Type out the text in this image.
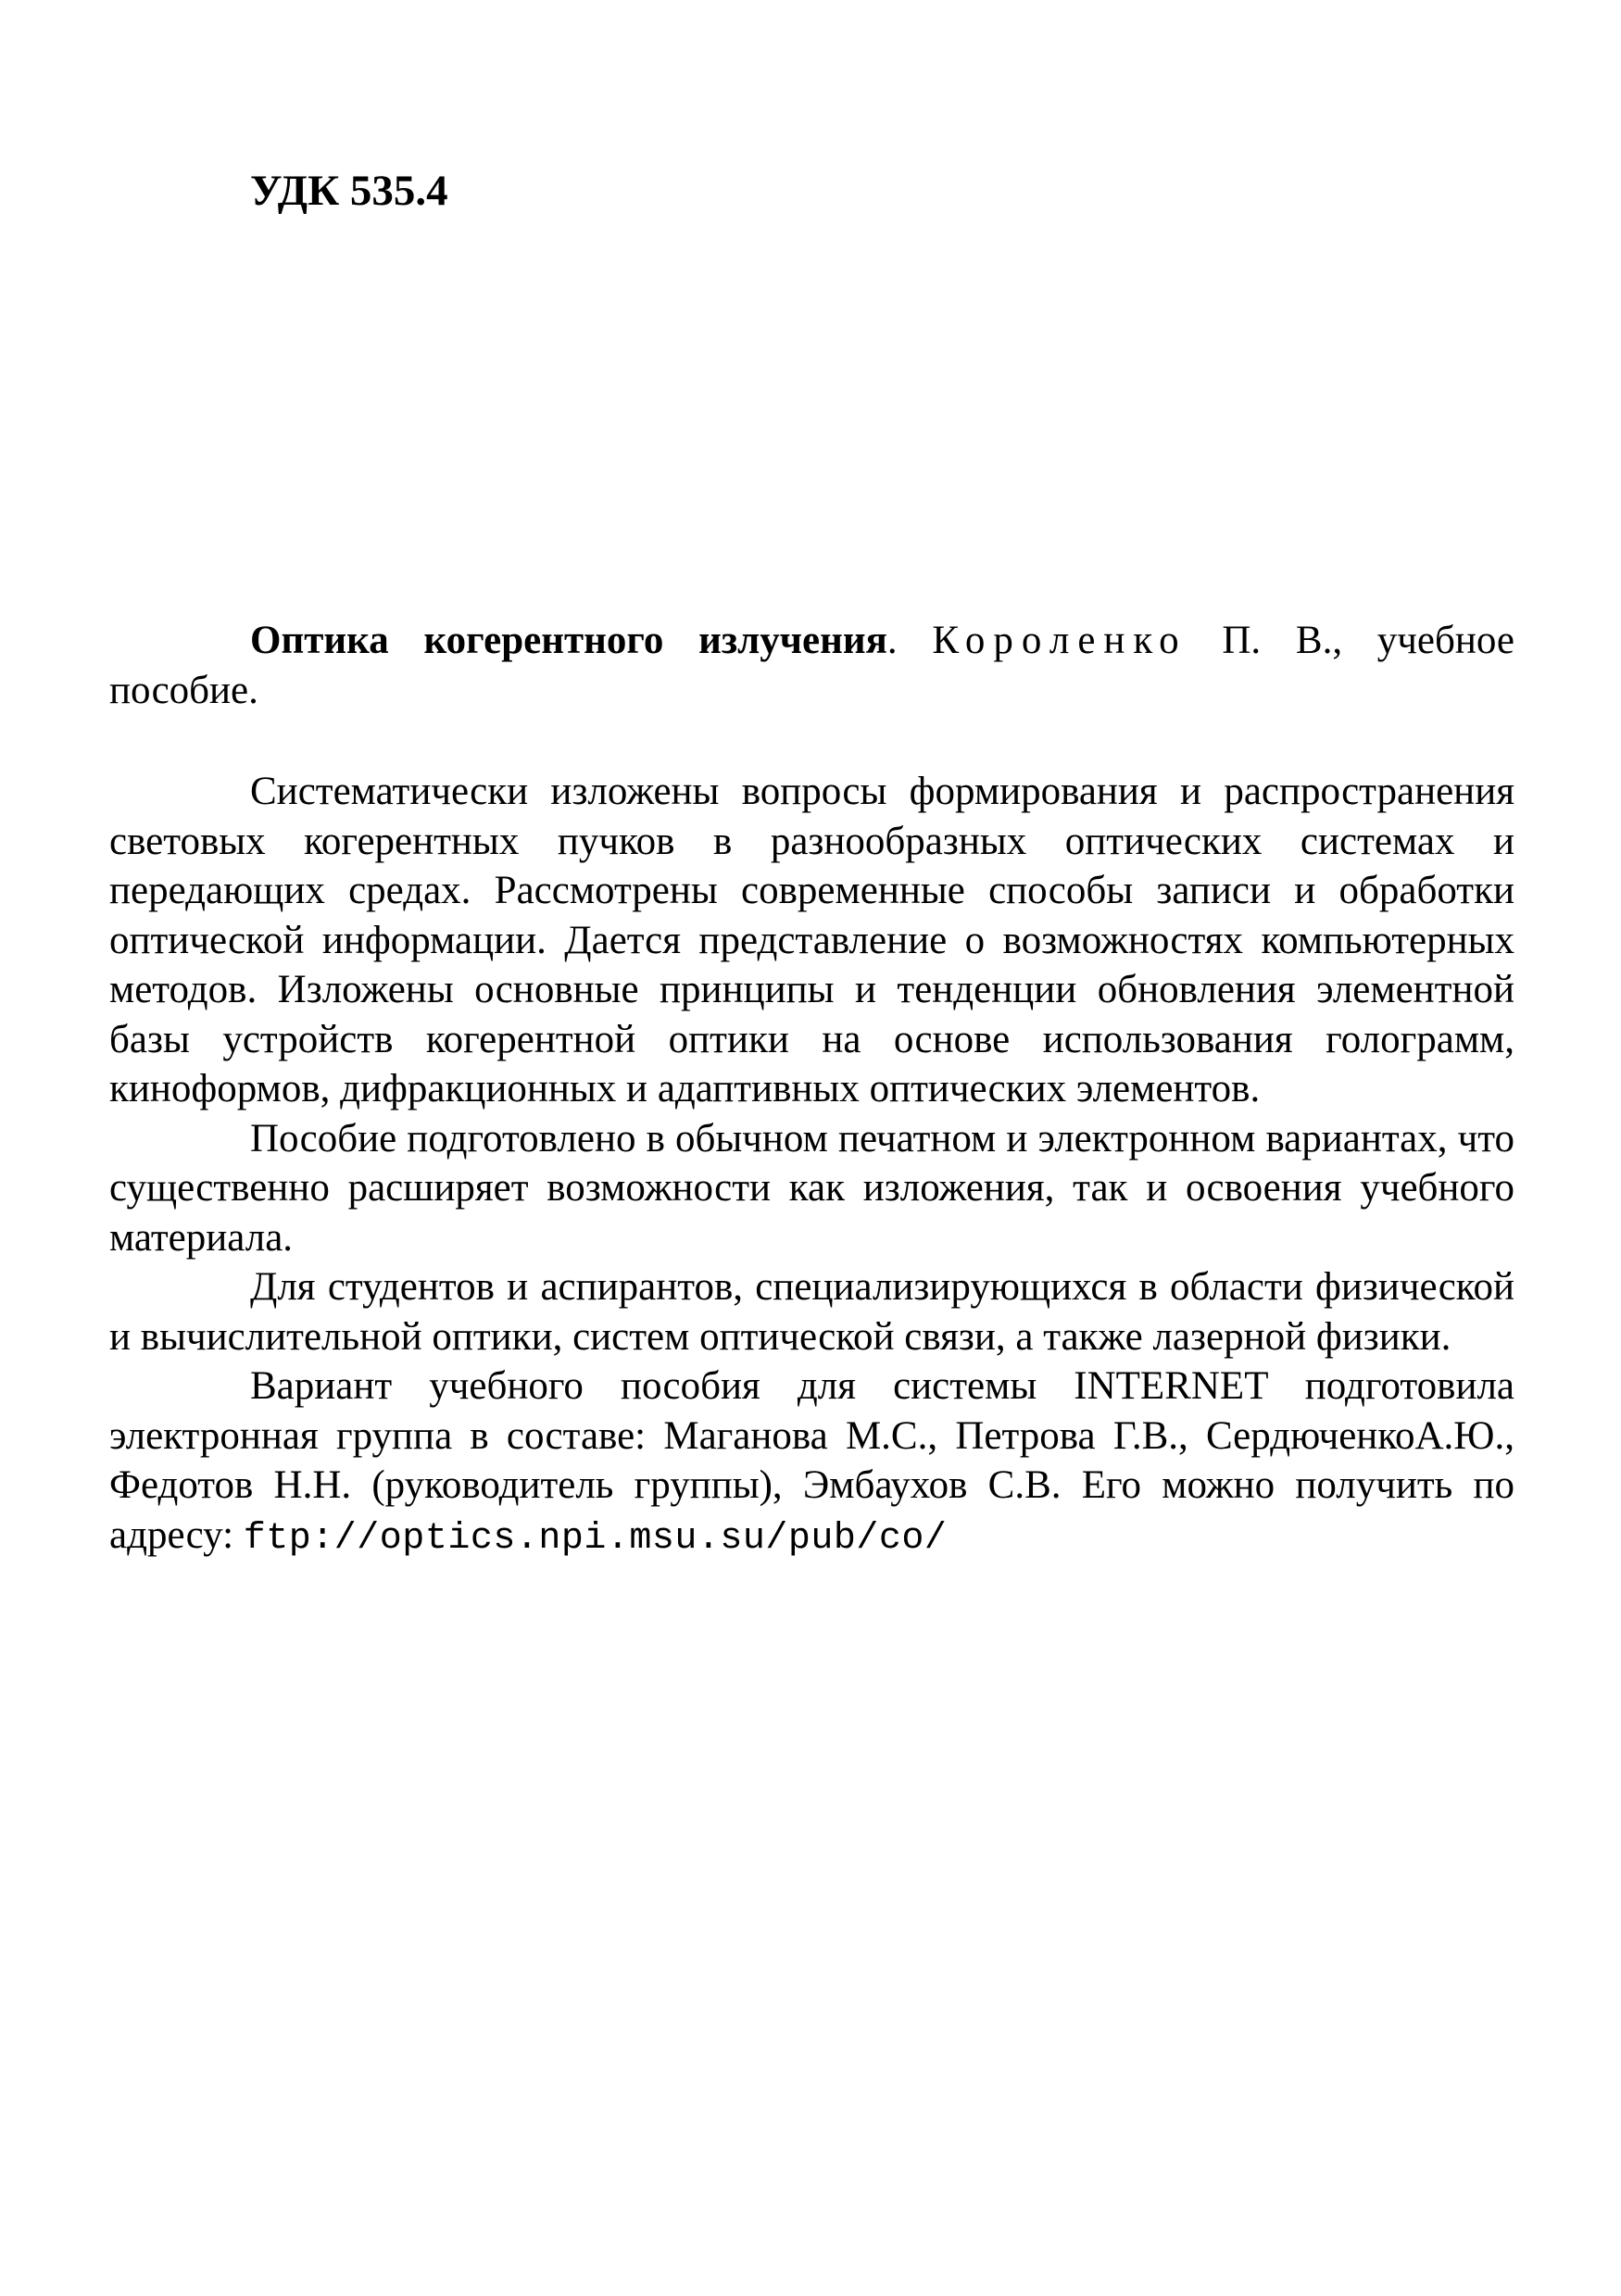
УДК 535.4

Оптика когерентного излучения. Короленко П. В., учебное пособие.

Систематически изложены вопросы формирования и распространения световых когерентных пучков в разнообразных оптических системах и передающих средах. Рассмотрены современные способы записи и обработки оптической информации. Дается представление о возможностях компьютерных методов. Изложены основные принципы и тенденции обновления элементной базы устройств когерентной оптики на основе использования голограмм, киноформов, дифракционных и адаптивных оптических элементов.

Пособие подготовлено в обычном печатном и электронном вариантах, что существенно расширяет возможности как изложения, так и освоения учебного материала.

Для студентов и аспирантов, специализирующихся в области физической и вычислительной оптики, систем оптической связи, а также лазерной физики.

Вариант учебного пособия для системы INTERNET подготовила электронная группа в составе: Маганова М.С., Петрова Г.В., СердюченкоА.Ю., Федотов Н.Н. (руководитель группы), Эмбаухов С.В. Его можно получить по адресу: ftp://optics.npi.msu.su/pub/co/
